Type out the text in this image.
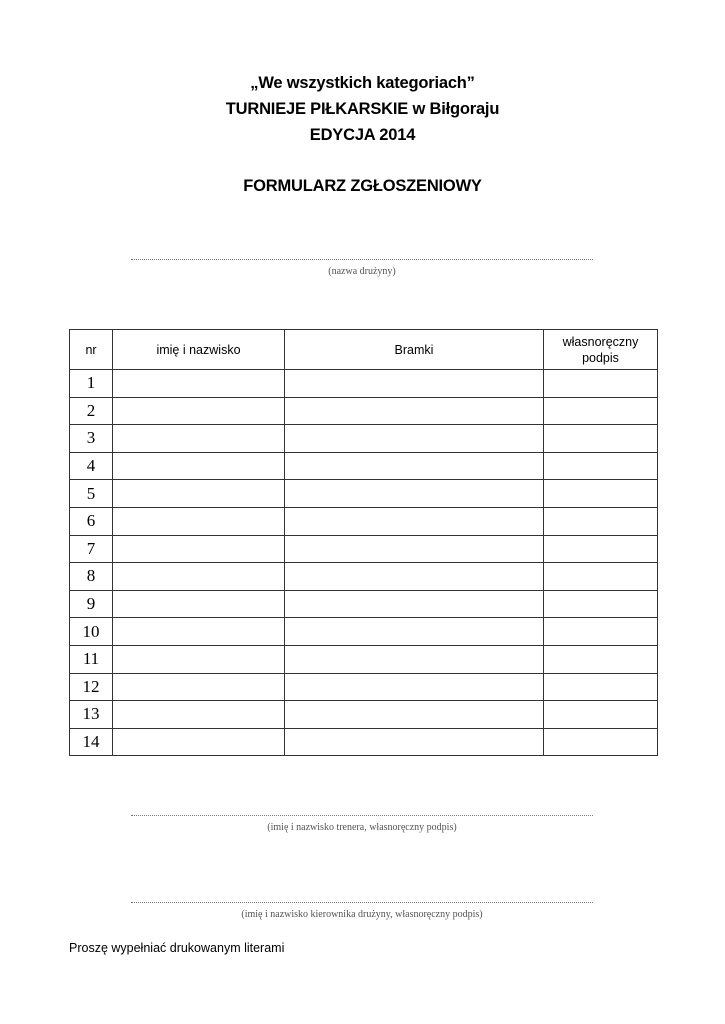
„We wszystkich kategoriach”
TURNIEJE PIŁKARSKIE w Biłgoraju
EDYCJA 2014
FORMULARZ ZGŁOSZENIOWY
(nazwa drużyny)
nr	imię i nazwisko	Bramki	własnoręczny podpis
1			
2			
3			
4			
5			
6			
7			
8			
9			
10			
11			
12			
13			
14			
(imię i nazwisko trenera, własnoręczny podpis)
(imię i nazwisko kierownika drużyny, własnoręczny podpis)
Proszę wypełniać drukowanym literami
